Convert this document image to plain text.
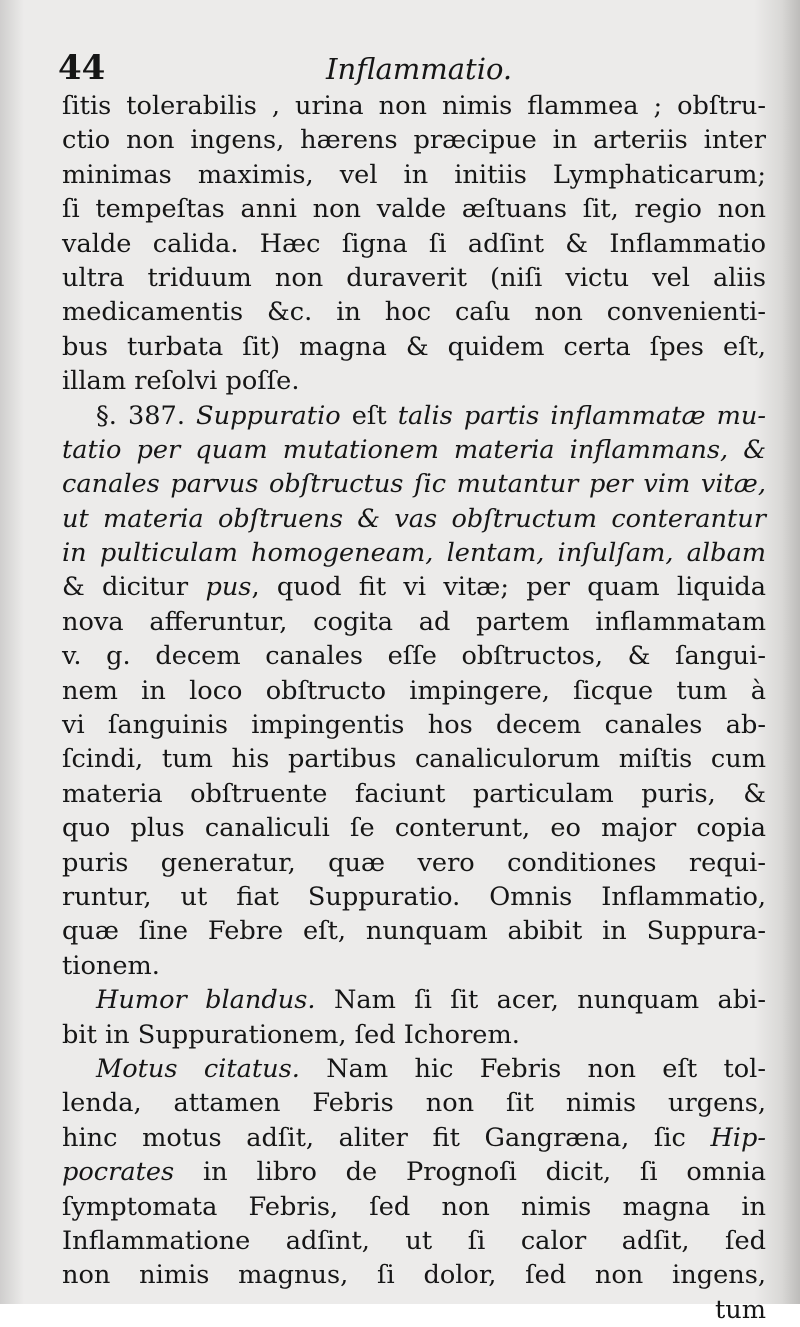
44	Inflammatio.
ſitis tolerabilis , urina non nimis flammea ; obſtru-
ctio non ingens, hærens præcipue in arteriis inter
minimas maximis, vel in initiis Lymphaticarum;
ſi tempeſtas anni non valde æſtuans ſit, regio non
valde calida. Hæc ſigna ſi adſint & Inflammatio
ultra triduum non duraverit (niſi victu vel aliis
medicamentis &c. in hoc caſu non convenienti-
bus turbata ſit) magna & quidem certa ſpes eſt,
illam reſolvi poſſe.
§. 387. Suppuratio eſt talis partis inflammatæ mu-
tatio per quam mutationem materia inflammans, &
canales parvus obſtructus ſic mutantur per vim vitæ,
ut materia obſtruens & vas obſtructum conterantur
in pulticulam homogeneam, lentam, inſulſam, albam
& dicitur pus, quod fit vi vitæ; per quam liquida
nova afferuntur, cogita ad partem inflammatam
v. g. decem canales eſſe obſtructos, & ſangui-
nem in loco obſtructo impingere, ſicque tum à
vi ſanguinis impingentis hos decem canales ab-
ſcindi, tum his partibus canaliculorum miſtis cum
materia obſtruente faciunt particulam puris, &
quo plus canaliculi ſe conterunt, eo major copia
puris generatur, quæ vero conditiones requi-
runtur, ut fiat Suppuratio. Omnis Inflammatio,
quæ ſine Febre eſt, nunquam abibit in Suppura-
tionem.
Humor blandus. Nam ſi ſit acer, nunquam abi-
bit in Suppurationem, ſed Ichorem.
Motus citatus. Nam hic Febris non eſt tol-
lenda, attamen Febris non ſit nimis urgens,
hinc motus adſit, aliter fit Gangræna, ſic Hip-
pocrates in libro de Prognoſi dicit, ſi omnia
ſymptomata Febris, ſed non nimis magna in
Inflammatione adſint, ut ſi calor adſit, ſed
non nimis magnus, ſi dolor, ſed non ingens,
tum
